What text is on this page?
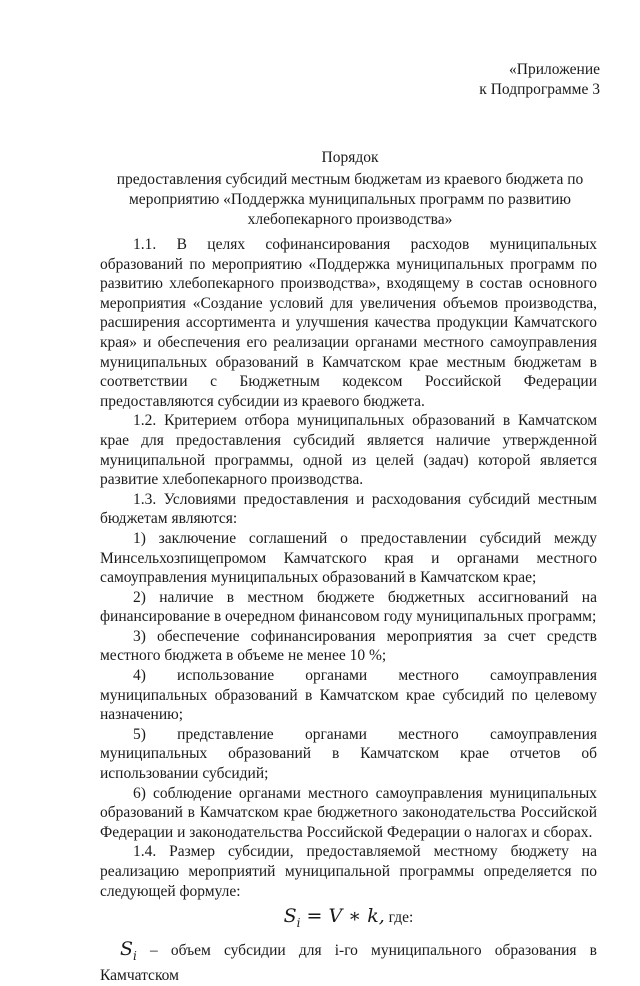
«Приложение
к Подпрограмме 3
Порядок
предоставления субсидий местным бюджетам из краевого бюджета по мероприятию «Поддержка муниципальных программ по развитию хлебопекарного производства»

1.1. В целях софинансирования расходов муниципальных образований по мероприятию «Поддержка муниципальных программ по развитию хлебопекарного производства», входящему в состав основного мероприятия «Создание условий для увеличения объемов производства, расширения ассортимента и улучшения качества продукции Камчатского края» и обеспечения его реализации органами местного самоуправления муниципальных образований в Камчатском крае местным бюджетам в соответствии с Бюджетным кодексом Российской Федерации предоставляются субсидии из краевого бюджета.

1.2. Критерием отбора муниципальных образований в Камчатском крае для предоставления субсидий является наличие утвержденной муниципальной программы, одной из целей (задач) которой является развитие хлебопекарного производства.

1.3. Условиями предоставления и расходования субсидий местным бюджетам являются:

1) заключение соглашений о предоставлении субсидий между Минсельхозпищепромом Камчатского края и органами местного самоуправления муниципальных образований в Камчатском крае;

2) наличие в местном бюджете бюджетных ассигнований на финансирование в очередном финансовом году муниципальных программ;

3) обеспечение софинансирования мероприятия за счет средств местного бюджета в объеме не менее 10 %;

4) использование органами местного самоуправления муниципальных образований в Камчатском крае субсидий по целевому назначению;

5) представление органами местного самоуправления муниципальных образований в Камчатском крае отчетов об использовании субсидий;

6) соблюдение органами местного самоуправления муниципальных образований в Камчатском крае бюджетного законодательства Российской Федерации и законодательства Российской Федерации о налогах и сборах.

1.4. Размер субсидии, предоставляемой местному бюджету на реализацию мероприятий муниципальной программы определяется по следующей формуле:

$S_i = V$ ∗ k, где:

$S_i$ – объем субсидии для i-го муниципального образования в Камчатском
